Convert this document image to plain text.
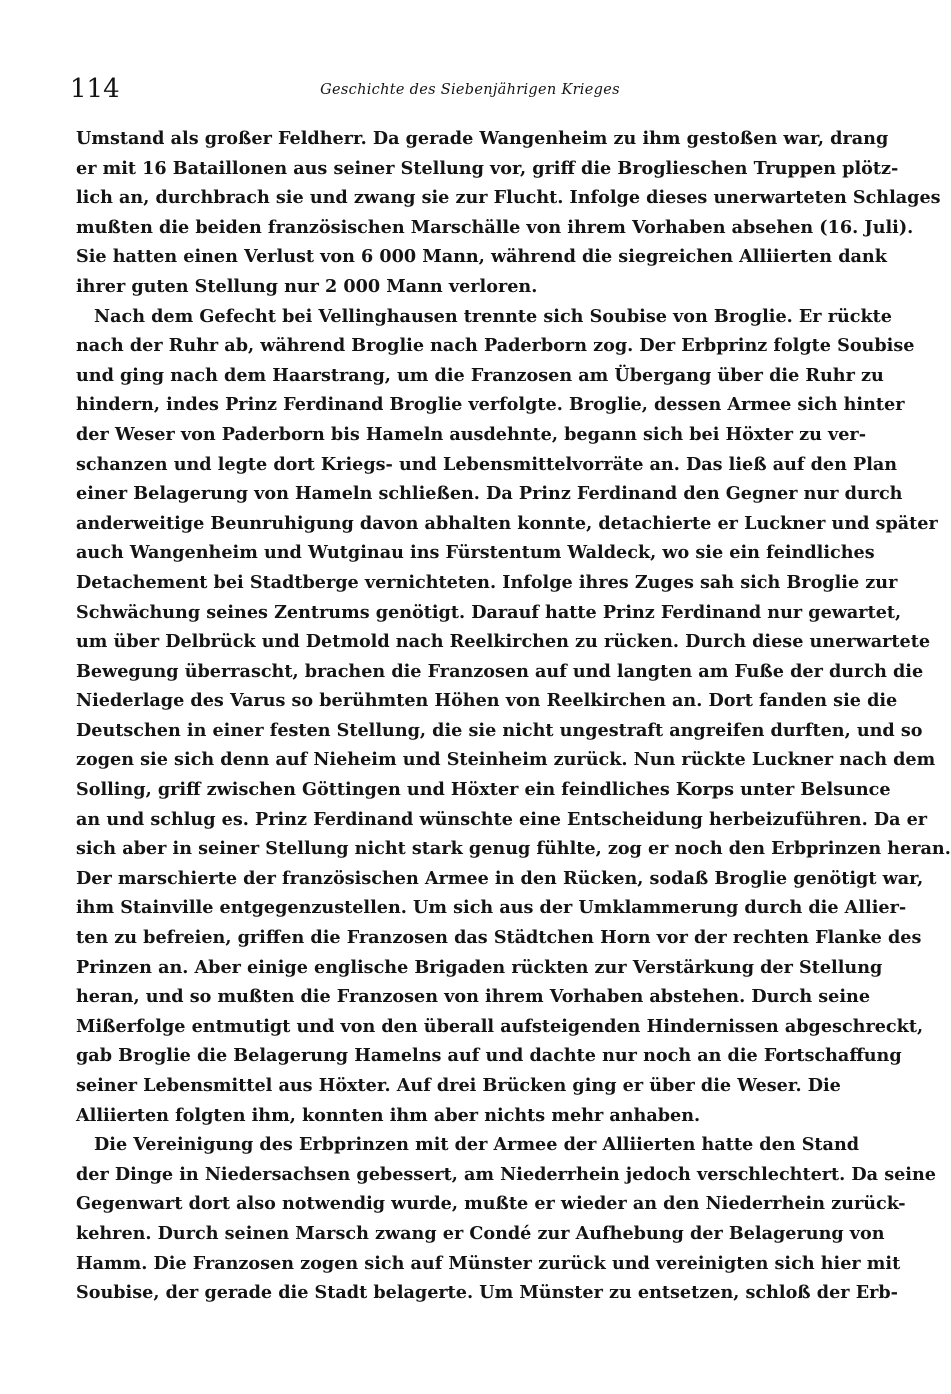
114	Geschichte des Siebenjährigen Krieges
Umstand als großer Feldherr. Da gerade Wangenheim zu ihm gestoßen war, drang
er mit 16 Bataillonen aus seiner Stellung vor, griff die Broglieschen Truppen plötz-
lich an, durchbrach sie und zwang sie zur Flucht. Infolge dieses unerwarteten Schlages
mußten die beiden französischen Marschälle von ihrem Vorhaben absehen (16. Juli).
Sie hatten einen Verlust von 6 000 Mann, während die siegreichen Alliierten dank
ihrer guten Stellung nur 2 000 Mann verloren.
Nach dem Gefecht bei Vellinghausen trennte sich Soubise von Broglie. Er rückte
nach der Ruhr ab, während Broglie nach Paderborn zog. Der Erbprinz folgte Soubise
und ging nach dem Haarstrang, um die Franzosen am Übergang über die Ruhr zu
hindern, indes Prinz Ferdinand Broglie verfolgte. Broglie, dessen Armee sich hinter
der Weser von Paderborn bis Hameln ausdehnte, begann sich bei Höxter zu ver-
schanzen und legte dort Kriegs- und Lebensmittelvorräte an. Das ließ auf den Plan
einer Belagerung von Hameln schließen. Da Prinz Ferdinand den Gegner nur durch
anderweitige Beunruhigung davon abhalten konnte, detachierte er Luckner und später
auch Wangenheim und Wutginau ins Fürstentum Waldeck, wo sie ein feindliches
Detachement bei Stadtberge vernichteten. Infolge ihres Zuges sah sich Broglie zur
Schwächung seines Zentrums genötigt. Darauf hatte Prinz Ferdinand nur gewartet,
um über Delbrück und Detmold nach Reelkirchen zu rücken. Durch diese unerwartete
Bewegung überrascht, brachen die Franzosen auf und langten am Fuße der durch die
Niederlage des Varus so berühmten Höhen von Reelkirchen an. Dort fanden sie die
Deutschen in einer festen Stellung, die sie nicht ungestraft angreifen durften, und so
zogen sie sich denn auf Nieheim und Steinheim zurück. Nun rückte Luckner nach dem
Solling, griff zwischen Göttingen und Höxter ein feindliches Korps unter Belsunce
an und schlug es. Prinz Ferdinand wünschte eine Entscheidung herbeizuführen. Da er
sich aber in seiner Stellung nicht stark genug fühlte, zog er noch den Erbprinzen heran.
Der marschierte der französischen Armee in den Rücken, sodaß Broglie genötigt war,
ihm Stainville entgegenzustellen. Um sich aus der Umklammerung durch die Allier-
ten zu befreien, griffen die Franzosen das Städtchen Horn vor der rechten Flanke des
Prinzen an. Aber einige englische Brigaden rückten zur Verstärkung der Stellung
heran, und so mußten die Franzosen von ihrem Vorhaben abstehen. Durch seine
Mißerfolge entmutigt und von den überall aufsteigenden Hindernissen abgeschreckt,
gab Broglie die Belagerung Hamelns auf und dachte nur noch an die Fortschaffung
seiner Lebensmittel aus Höxter. Auf drei Brücken ging er über die Weser. Die
Alliierten folgten ihm, konnten ihm aber nichts mehr anhaben.
Die Vereinigung des Erbprinzen mit der Armee der Alliierten hatte den Stand
der Dinge in Niedersachsen gebessert, am Niederrhein jedoch verschlechtert. Da seine
Gegenwart dort also notwendig wurde, mußte er wieder an den Niederrhein zurück-
kehren. Durch seinen Marsch zwang er Condé zur Aufhebung der Belagerung von
Hamm. Die Franzosen zogen sich auf Münster zurück und vereinigten sich hier mit
Soubise, der gerade die Stadt belagerte. Um Münster zu entsetzen, schloß der Erb-
